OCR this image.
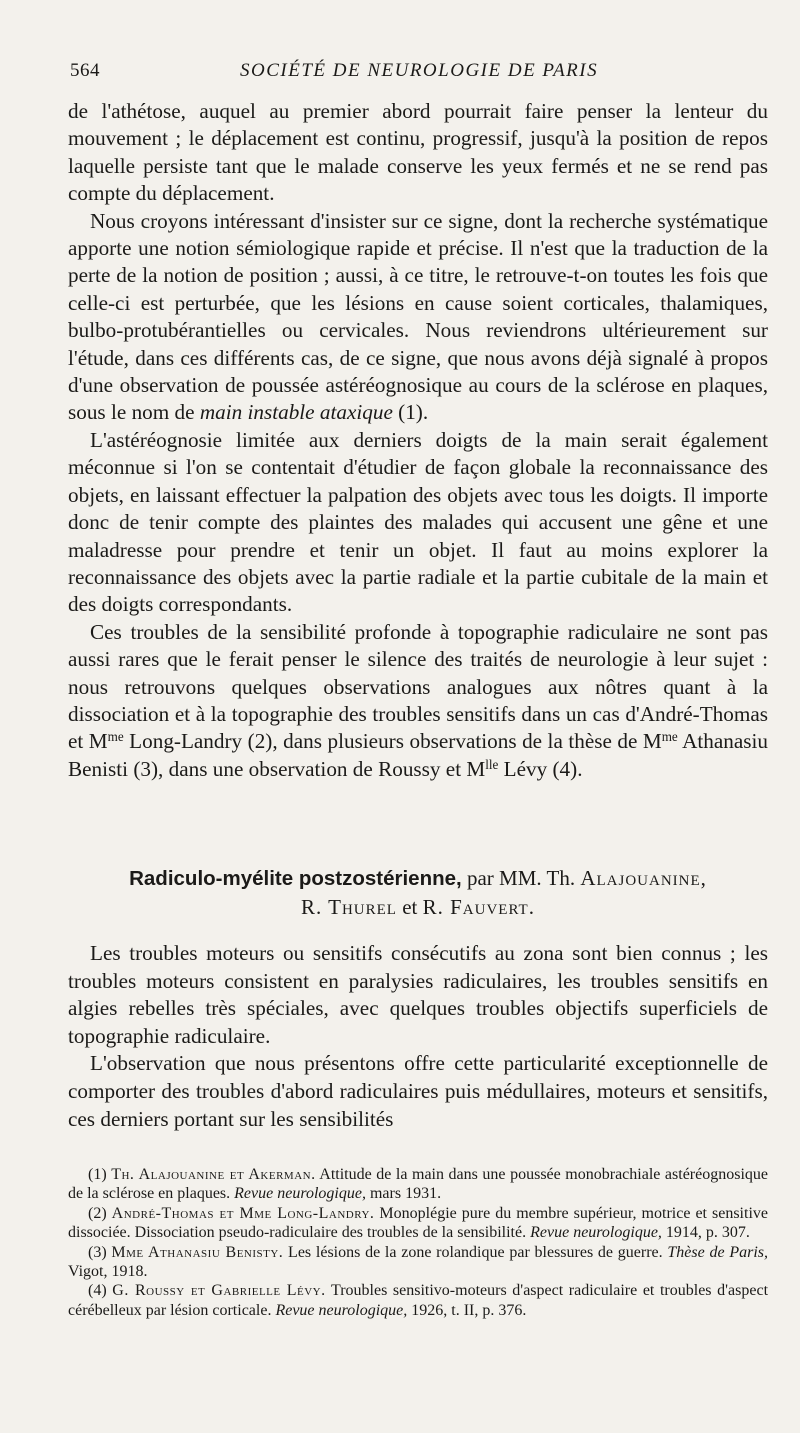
564	SOCIÉTÉ DE NEUROLOGIE DE PARIS

de l'athétose, auquel au premier abord pourrait faire penser la lenteur du mouvement ; le déplacement est continu, progressif, jusqu'à la position de repos laquelle persiste tant que le malade conserve les yeux fermés et ne se rend pas compte du déplacement.

Nous croyons intéressant d'insister sur ce signe, dont la recherche systématique apporte une notion sémiologique rapide et précise. Il n'est que la traduction de la perte de la notion de position ; aussi, à ce titre, le retrouve-t-on toutes les fois que celle-ci est perturbée, que les lésions en cause soient corticales, thalamiques, bulbo-protubérantielles ou cervicales. Nous reviendrons ultérieurement sur l'étude, dans ces différents cas, de ce signe, que nous avons déjà signalé à propos d'une observation de poussée astéréognosique au cours de la sclérose en plaques, sous le nom de main instable ataxique (1).

L'astéréognosie limitée aux derniers doigts de la main serait également méconnue si l'on se contentait d'étudier de façon globale la reconnaissance des objets, en laissant effectuer la palpation des objets avec tous les doigts. Il importe donc de tenir compte des plaintes des malades qui accusent une gêne et une maladresse pour prendre et tenir un objet. Il faut au moins explorer la reconnaissance des objets avec la partie radiale et la partie cubitale de la main et des doigts correspondants.

Ces troubles de la sensibilité profonde à topographie radiculaire ne sont pas aussi rares que le ferait penser le silence des traités de neurologie à leur sujet : nous retrouvons quelques observations analogues aux nôtres quant à la dissociation et à la topographie des troubles sensitifs dans un cas d'André-Thomas et $M^{me}$ Long-Landry (2), dans plusieurs observations de la thèse de $M^{me}$ Athanasiu Benisti (3), dans une observation de Roussy et $M^{lle}$ Lévy (4).

Radiculo-myélite postzostérienne, par MM. Th. Alajouanine,
R. Thurel et R. Fauvert.

Les troubles moteurs ou sensitifs consécutifs au zona sont bien connus ; les troubles moteurs consistent en paralysies radiculaires, les troubles sensitifs en algies rebelles très spéciales, avec quelques troubles objectifs superficiels de topographie radiculaire.

L'observation que nous présentons offre cette particularité exceptionnelle de comporter des troubles d'abord radiculaires puis médullaires, moteurs et sensitifs, ces derniers portant sur les sensibilités

(1) Th. Alajouanine et Akerman. Attitude de la main dans une poussée monobrachiale astéréognosique de la sclérose en plaques. Revue neurologique, mars 1931.

(2) André-Thomas et Mme Long-Landry. Monoplégie pure du membre supérieur, motrice et sensitive dissociée. Dissociation pseudo-radiculaire des troubles de la sensibilité. Revue neurologique, 1914, p. 307.

(3) Mme Athanasiu Benisty. Les lésions de la zone rolandique par blessures de guerre. Thèse de Paris, Vigot, 1918.

(4) G. Roussy et Gabrielle Lévy. Troubles sensitivo-moteurs d'aspect radiculaire et troubles d'aspect cérébelleux par lésion corticale. Revue neurologique, 1926, t. II, p. 376.
